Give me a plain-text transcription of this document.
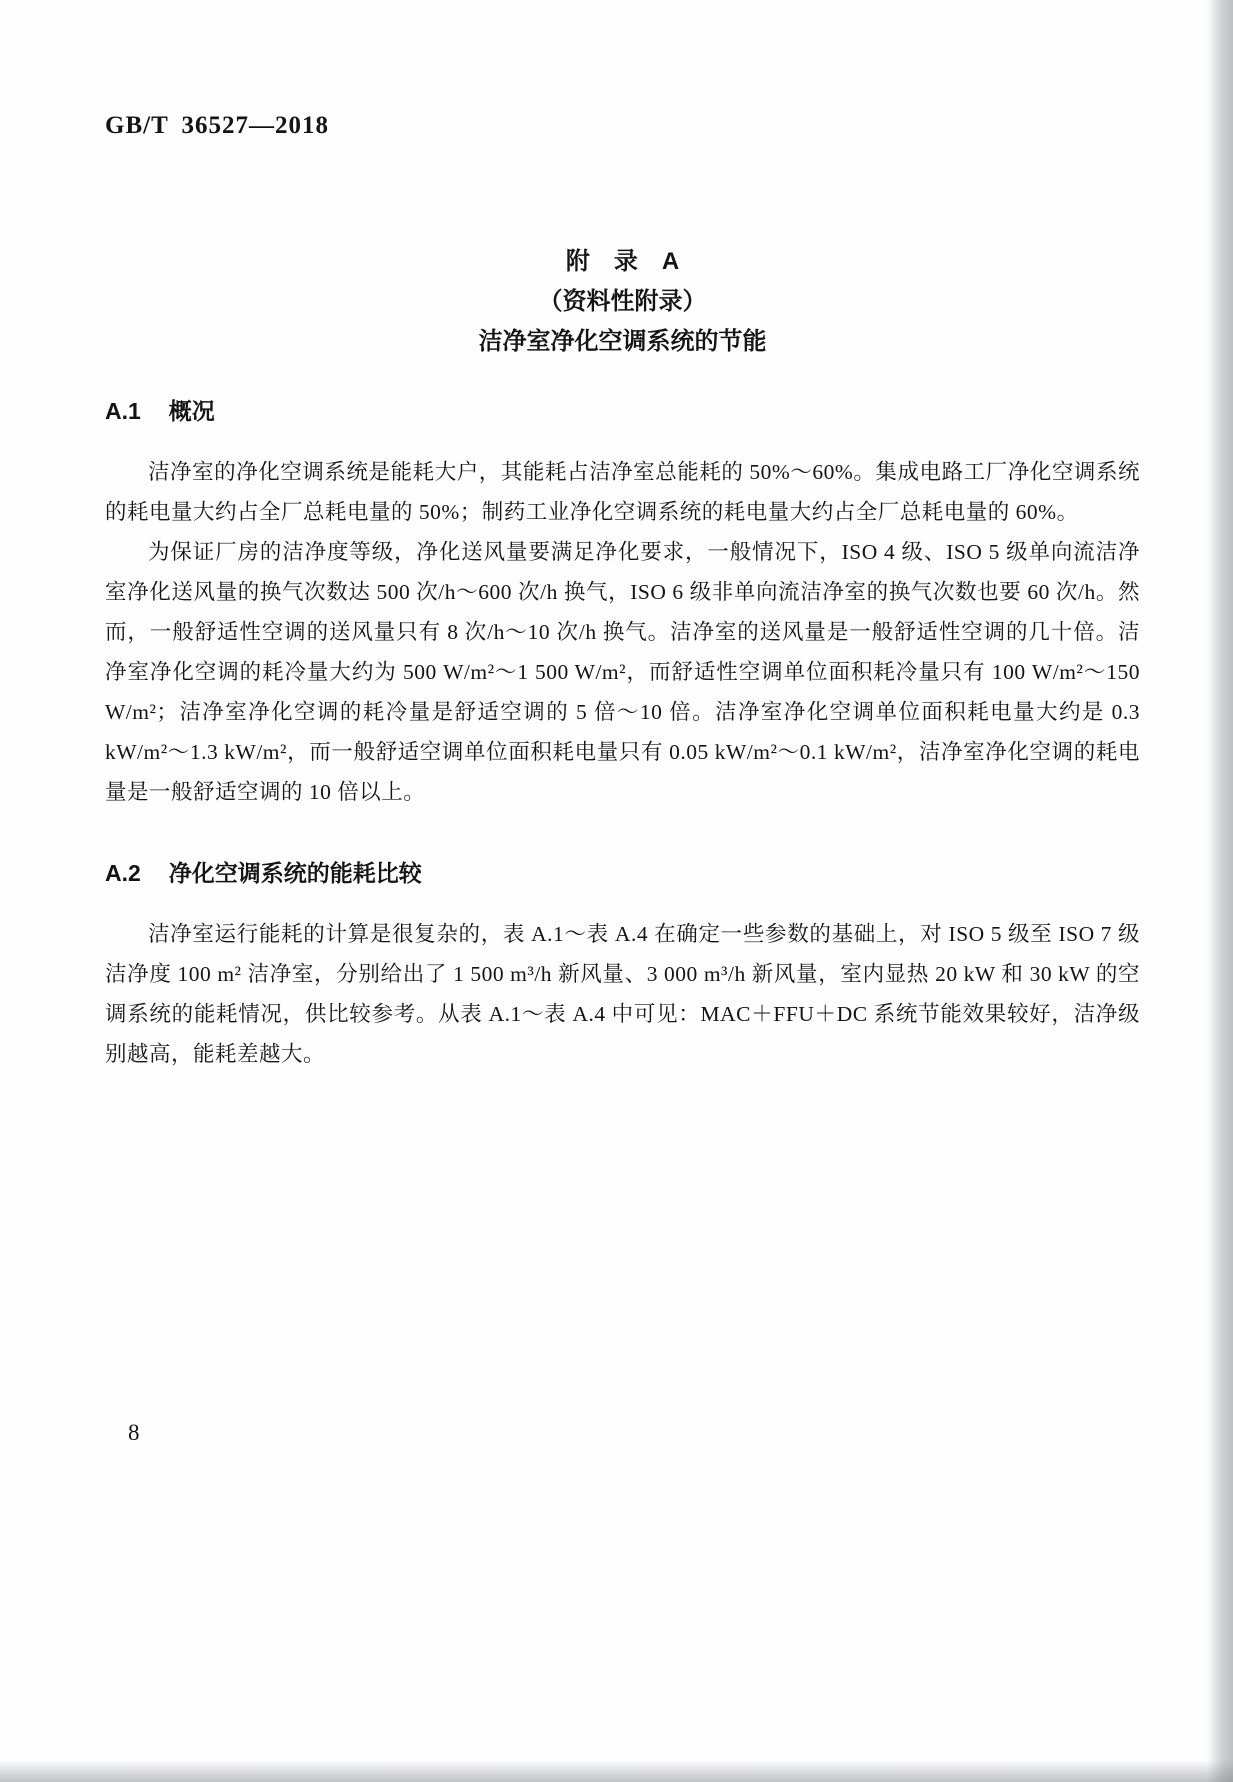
GB/T 36527—2018
附　录　A
（资料性附录）
洁净室净化空调系统的节能
A.1 概况

洁净室的净化空调系统是能耗大户，其能耗占洁净室总能耗的 50%～60%。集成电路工厂净化空调系统的耗电量大约占全厂总耗电量的 50%；制药工业净化空调系统的耗电量大约占全厂总耗电量的 60%。

为保证厂房的洁净度等级，净化送风量要满足净化要求，一般情况下，ISO 4 级、ISO 5 级单向流洁净室净化送风量的换气次数达 500 次/h～600 次/h 换气，ISO 6 级非单向流洁净室的换气次数也要 60 次/h。然而，一般舒适性空调的送风量只有 8 次/h～10 次/h 换气。洁净室的送风量是一般舒适性空调的几十倍。洁净室净化空调的耗冷量大约为 500 W/m²～1 500 W/m²，而舒适性空调单位面积耗冷量只有 100 W/m²～150 W/m²；洁净室净化空调的耗冷量是舒适空调的 5 倍～10 倍。洁净室净化空调单位面积耗电量大约是 0.3 kW/m²～1.3 kW/m²，而一般舒适空调单位面积耗电量只有 0.05 kW/m²～0.1 kW/m²，洁净室净化空调的耗电量是一般舒适空调的 10 倍以上。

A.2 净化空调系统的能耗比较

洁净室运行能耗的计算是很复杂的，表 A.1～表 A.4 在确定一些参数的基础上，对 ISO 5 级至 ISO 7 级洁净度 100 m² 洁净室，分别给出了 1 500 m³/h 新风量、3 000 m³/h 新风量，室内显热 20 kW 和 30 kW 的空调系统的能耗情况，供比较参考。从表 A.1～表 A.4 中可见：MAC＋FFU＋DC 系统节能效果较好，洁净级别越高，能耗差越大。

8
